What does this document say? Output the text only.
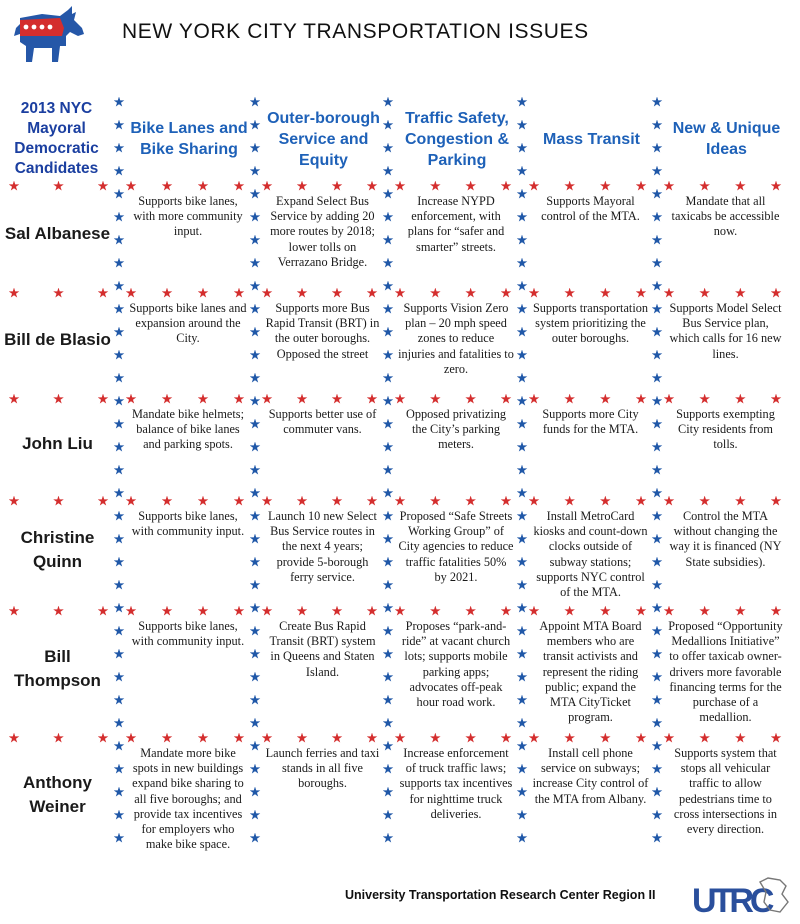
NEW YORK CITY TRANSPORTATION ISSUES
2013 NYC Mayoral Democratic Candidates
Bike Lanes and Bike Sharing
Outer-borough Service and Equity
Traffic Safety, Congestion & Parking
Mass Transit
New & Unique Ideas
Sal Albanese
Supports bike lanes, with more community input.
Expand Select Bus Service by adding 20 more routes by 2018; lower tolls on Verrazano Bridge.
Increase NYPD enforcement, with plans for “safer and smarter” streets.
Supports Mayoral control of the MTA.
Mandate that all taxicabs be accessible now.
Bill de Blasio
Supports bike lanes and expansion around the City.
Supports more Bus Rapid Transit (BRT) in the outer boroughs. Opposed the street
Supports Vision Zero plan – 20 mph speed zones to reduce injuries and fatalities to zero.
Supports transportation system prioritizing the outer boroughs.
Supports Model Select Bus Service plan, which calls for 16 new lines.
John Liu
Mandate bike helmets; balance of bike lanes and parking spots.
Supports better use of commuter vans.
Opposed privatizing the City’s parking meters.
Supports more City funds for the MTA.
Supports exempting City residents from tolls.
Christine Quinn
Supports bike lanes, with community input.
Launch 10 new Select Bus Service routes in the next 4 years; provide 5-borough ferry service.
Proposed “Safe Streets Working Group” of City agencies to reduce traffic fatalities 50% by 2021.
Install MetroCard kiosks and count-down clocks outside of subway stations; supports NYC control of the MTA.
Control the MTA without changing the way it is financed (NY State subsidies).
Bill Thompson
Supports bike lanes, with community input.
Create Bus Rapid Transit (BRT) system in Queens and Staten Island.
Proposes “park-and-ride” at vacant church lots; supports mobile parking apps; advocates off-peak hour road work.
Appoint MTA Board members who are transit activists and represent the riding public; expand the MTA CityTicket program.
Proposed “Opportunity Medallions Initiative” to offer taxicab owner-drivers more favorable financing terms for the purchase of a medallion.
Anthony Weiner
Mandate more bike spots in new buildings expand bike sharing to all five boroughs; and provide tax incentives for employers who make bike space.
Launch ferries and taxi stands in all five boroughs.
Increase enforcement of truck traffic laws; supports tax incentives for nighttime truck deliveries.
Install cell phone service on subways; increase City control of the MTA from Albany.
Supports system that stops all vehicular traffic to allow pedestrians time to cross intersections in every direction.
University Transportation Research Center Region II UTRC
